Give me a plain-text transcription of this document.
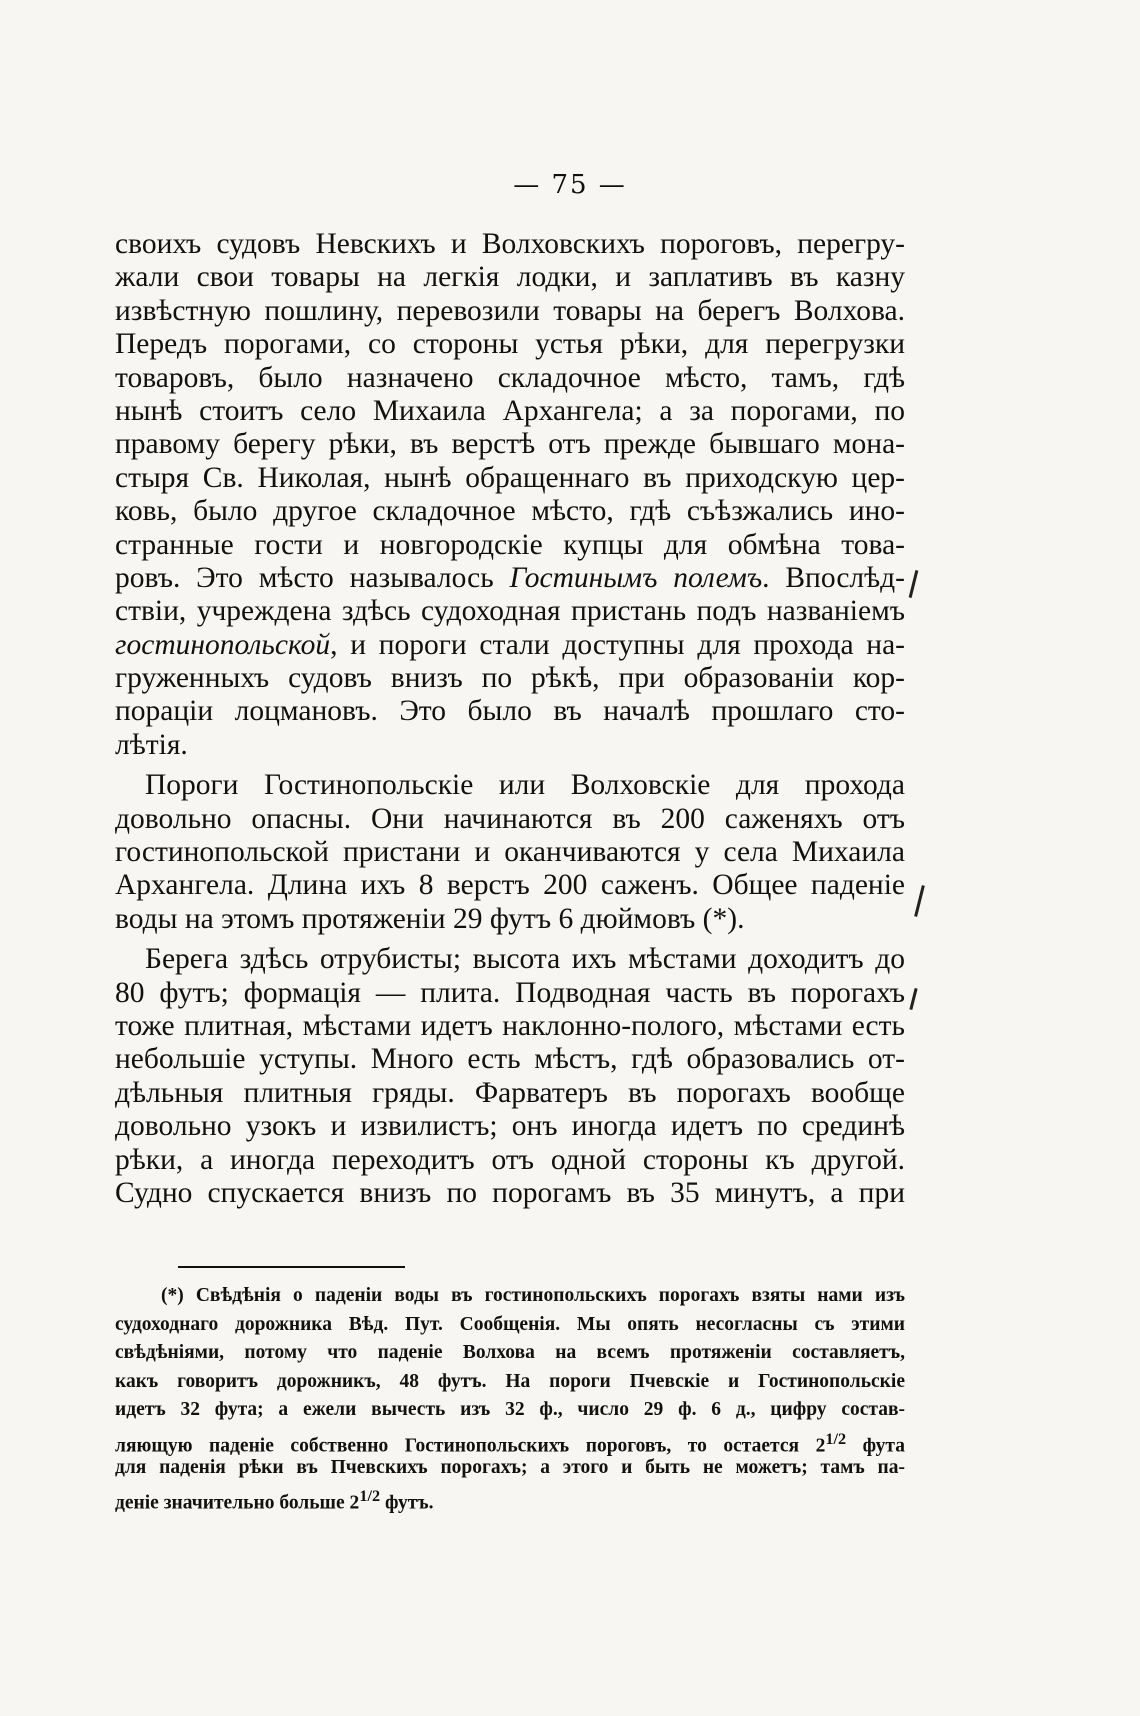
— 75 —
своихъ судовъ Невскихъ и Волховскихъ пороговъ, перегру-
жали свои товары на легкія лодки, и заплативъ въ казну
извѣстную пошлину, перевозили товары на берегъ Волхова.
Передъ порогами, со стороны устья рѣки, для перегрузки
товаровъ, было назначено складочное мѣсто, тамъ, гдѣ
нынѣ стоитъ село Михаила Архангела; а за порогами, по
правому берегу рѣки, въ верстѣ отъ прежде бывшаго мона-
стыря Св. Николая, нынѣ обращеннаго въ приходскую цер-
ковь, было другое складочное мѣсто, гдѣ съѣзжались ино-
странные гости и новгородскіе купцы для обмѣна това-
ровъ. Это мѣсто называлось Гостинымъ полемъ. Впослѣд-
ствіи, учреждена здѣсь судоходная пристань подъ названіемъ
гостинопольской, и пороги стали доступны для прохода на-
груженныхъ судовъ внизъ по рѣкѣ, при образованіи кор-
пораціи лоцмановъ. Это было въ началѣ прошлаго сто-
лѣтія.
Пороги Гостинопольскіе или Волховскіе для прохода
довольно опасны. Они начинаются въ 200 саженяхъ отъ
гостинопольской пристани и оканчиваются у села Михаила
Архангела. Длина ихъ 8 верстъ 200 саженъ. Общее паденіе
воды на этомъ протяженіи 29 футъ 6 дюймовъ (*).
Берега здѣсь отрубисты; высота ихъ мѣстами доходитъ до
80 футъ; формація — плита. Подводная часть въ порогахъ
тоже плитная, мѣстами идетъ наклонно-полого, мѣстами есть
небольшіе уступы. Много есть мѣстъ, гдѣ образовались от-
дѣльныя плитныя гряды. Фарватеръ въ порогахъ вообще
довольно узокъ и извилистъ; онъ иногда идетъ по срединѣ
рѣки, а иногда переходитъ отъ одной стороны къ другой.
Судно спускается внизъ по порогамъ въ 35 минутъ, а при
(*) Свѣдѣнія о паденіи воды въ гостинопольскихъ порогахъ взяты нами изъ
судоходнаго дорожника Вѣд. Пут. Сообщенія. Мы опять несогласны съ этими
свѣдѣніями, потому что паденіе Волхова на всемъ протяженіи составляетъ,
какъ говоритъ дорожникъ, 48 футъ. На пороги Пчевскіе и Гостинопольскіе
идетъ 32 фута; а ежели вычесть изъ 32 ф., число 29 ф. 6 д., цифру состав-
ляющую паденіе собственно Гостинопольскихъ пороговъ, то остается $2^{1/2}$ фута
для паденія рѣки въ Пчевскихъ порогахъ; а этого и быть не можетъ; тамъ па-
деніе значительно больше $2^{1/2}$ футъ.
